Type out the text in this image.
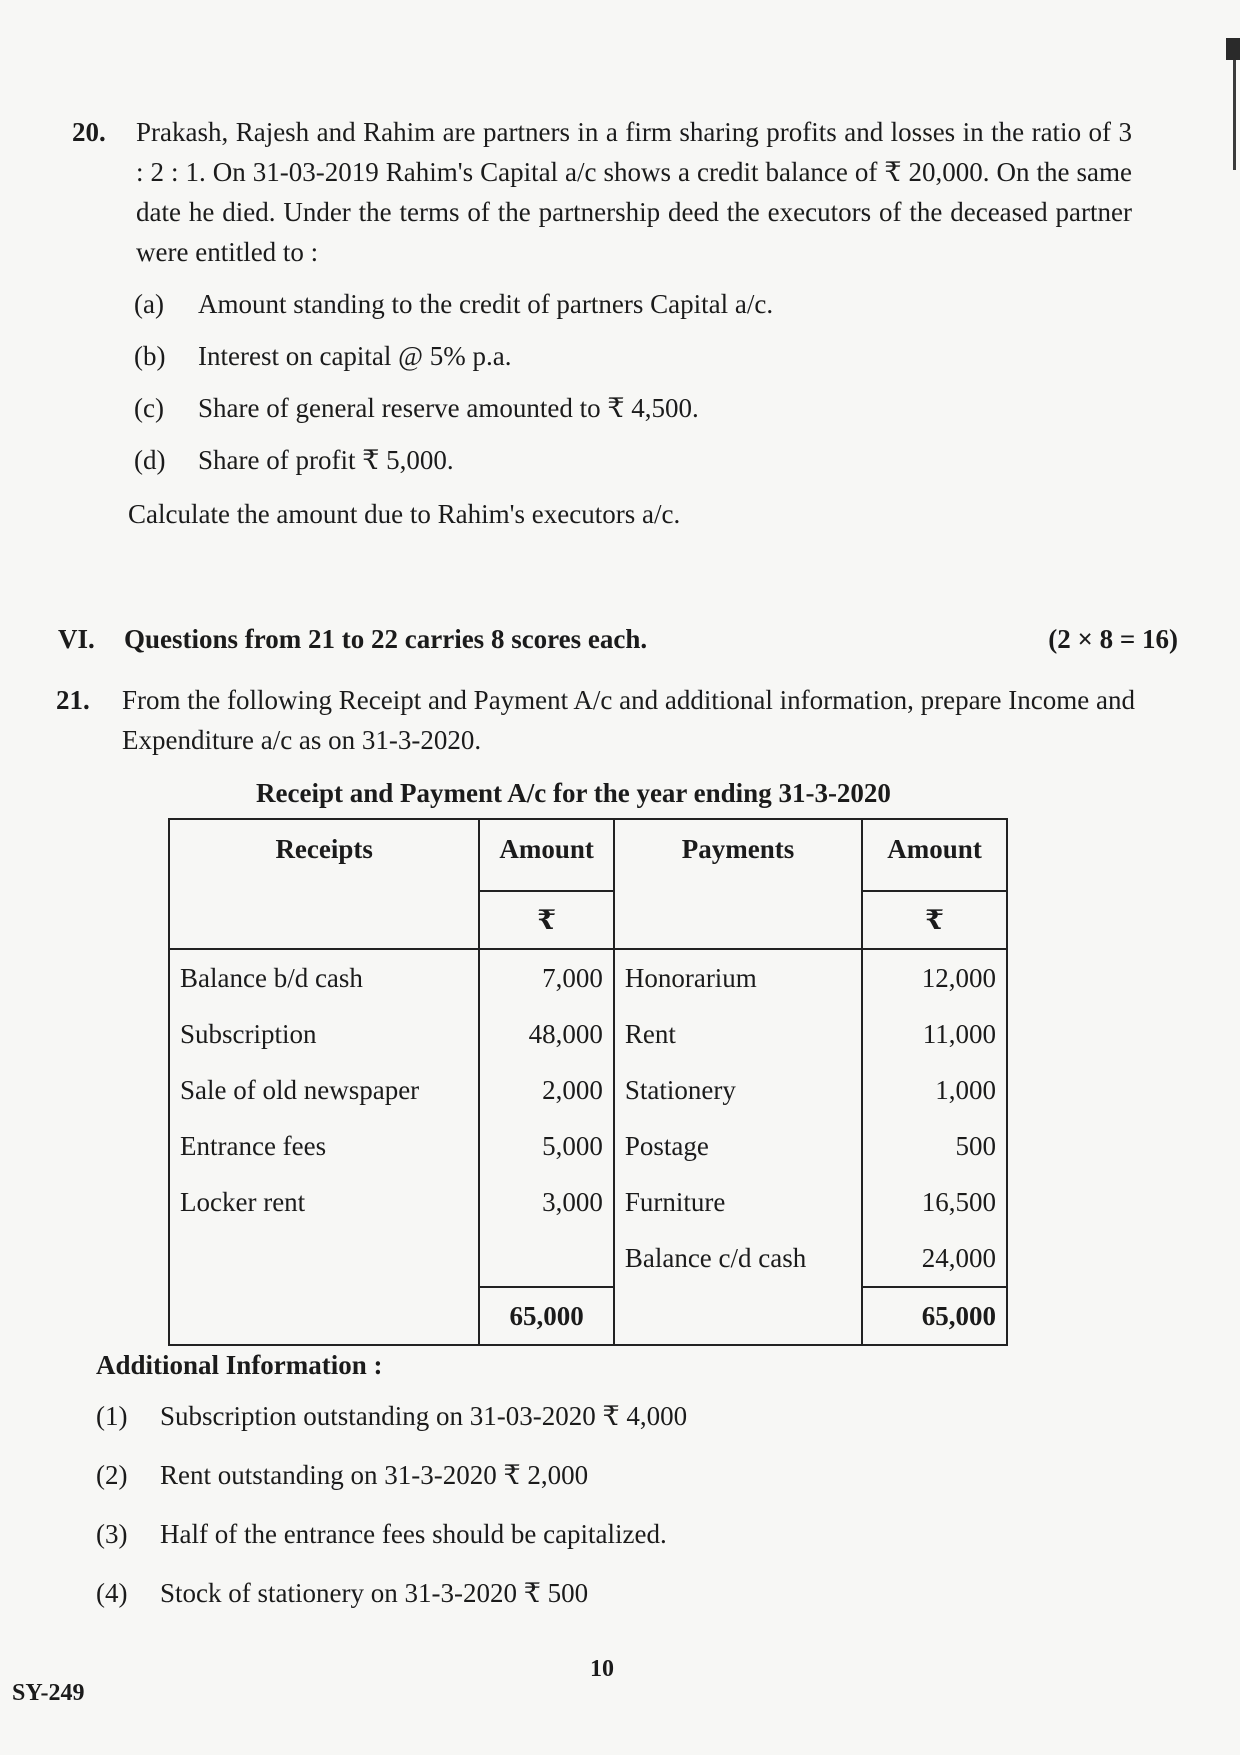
20. Prakash, Rajesh and Rahim are partners in a firm sharing profits and losses in the ratio of 3 : 2 : 1. On 31-03-2019 Rahim's Capital a/c shows a credit balance of ₹ 20,000. On the same date he died. Under the terms of the partnership deed the executors of the deceased partner were entitled to :
(a)	Amount standing to the credit of partners Capital a/c.
(b)	Interest on capital @ 5% p.a.
(c)	Share of general reserve amounted to ₹ 4,500.
(d)	Share of profit ₹ 5,000.
Calculate the amount due to Rahim's executors a/c.
VI.	Questions from 21 to 22 carries 8 scores each.	(2 × 8 = 16)
21. From the following Receipt and Payment A/c and additional information, prepare Income and Expenditure a/c as on 31-3-2020.
Receipt and Payment A/c for the year ending 31-3-2020
Receipts	Amount	Payments	Amount
	₹		₹
Balance b/d cash	7,000	Honorarium	12,000
Subscription	48,000	Rent	11,000
Sale of old newspaper	2,000	Stationery	1,000
Entrance fees	5,000	Postage	500
Locker rent	3,000	Furniture	16,500
		Balance c/d cash	24,000
	65,000		65,000
Additional Information :
(1)	Subscription outstanding on 31-03-2020 ₹ 4,000
(2)	Rent outstanding on 31-3-2020 ₹ 2,000
(3)	Half of the entrance fees should be capitalized.
(4)	Stock of stationery on 31-3-2020 ₹ 500
10
SY-249
